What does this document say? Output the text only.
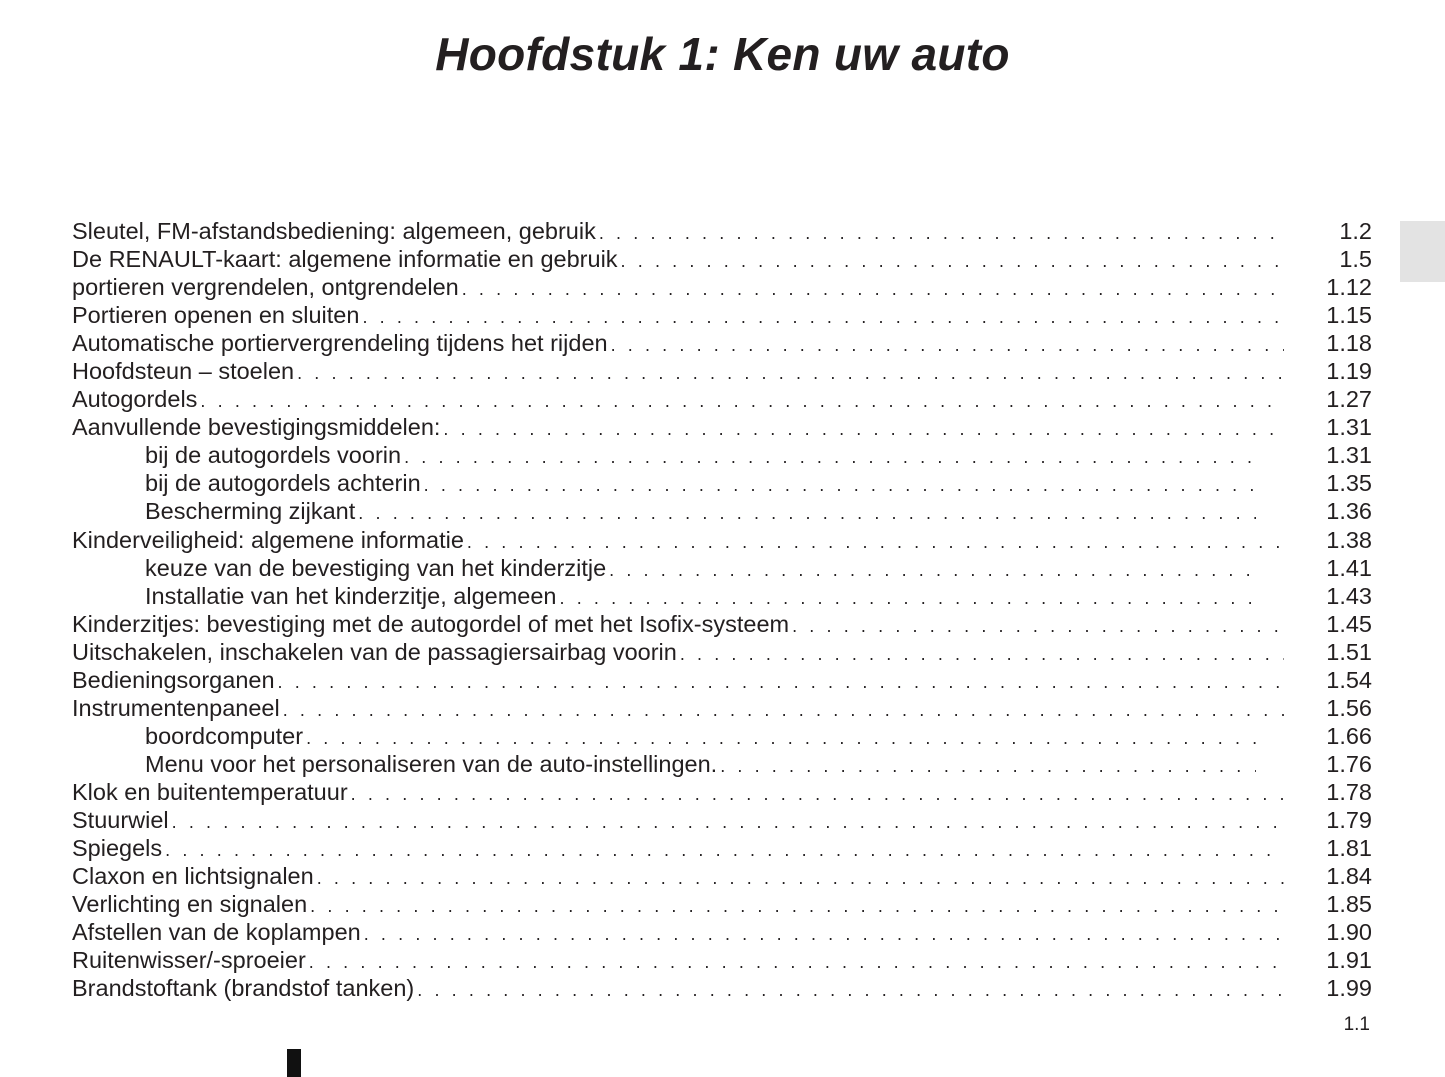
Hoofdstuk 1: Ken uw auto
Sleutel, FM-afstandsbediening: algemeen, gebruik . . .	1.2
De RENAULT-kaart: algemene informatie en gebruik . . .	1.5
portieren vergrendelen, ontgrendelen . . .	1.12
Portieren openen en sluiten . . .	1.15
Automatische portiervergrendeling tijdens het rijden . . .	1.18
Hoofdsteun – stoelen . . .	1.19
Autogordels . . .	1.27
Aanvullende bevestigingsmiddelen: . . .	1.31
bij de autogordels voorin . . .	1.31
bij de autogordels achterin . . .	1.35
Bescherming zijkant . . .	1.36
Kinderveiligheid: algemene informatie . . .	1.38
keuze van de bevestiging van het kinderzitje . . .	1.41
Installatie van het kinderzitje, algemeen . . .	1.43
Kinderzitjes: bevestiging met de autogordel of met het Isofix-systeem . . .	1.45
Uitschakelen, inschakelen van de passagiersairbag voorin . . .	1.51
Bedieningsorganen . . .	1.54
Instrumentenpaneel . . .	1.56
boordcomputer . . .	1.66
Menu voor het personaliseren van de auto-instellingen. . . .	1.76
Klok en buitentemperatuur . . .	1.78
Stuurwiel . . .	1.79
Spiegels . . .	1.81
Claxon en lichtsignalen . . .	1.84
Verlichting en signalen . . .	1.85
Afstellen van de koplampen . . .	1.90
Ruitenwisser/-sproeier . . .	1.91
Brandstoftank (brandstof tanken) . . .	1.99
1.1
